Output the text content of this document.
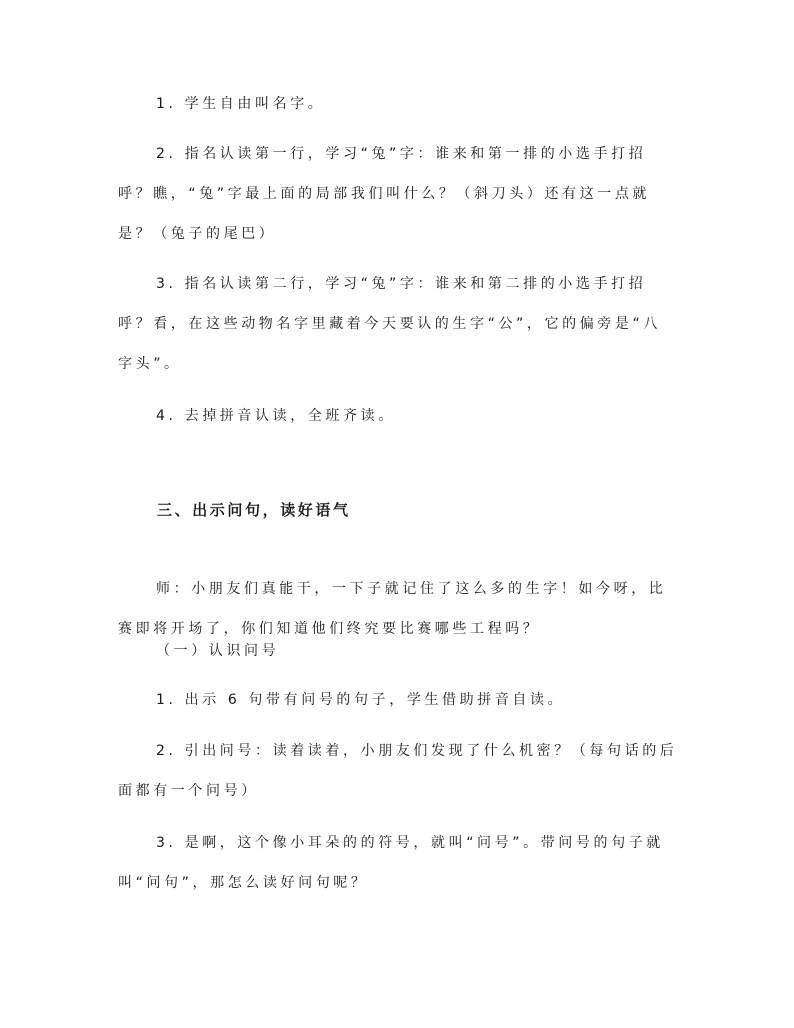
1. 学生自由叫名字。
2. 指名认读第一行，学习“兔”字：谁来和第一排的小选手打招
呼？瞧，“兔”字最上面的局部我们叫什么？（斜刀头）还有这一点就
是？（兔子的尾巴）
3. 指名认读第二行，学习“兔”字：谁来和第二排的小选手打招
呼？看，在这些动物名字里藏着今天要认的生字“公”，它的偏旁是“八
字头”。
4. 去掉拼音认读，全班齐读。
三、出示问句，读好语气
师：小朋友们真能干，一下子就记住了这么多的生字！如今呀，比
赛即将开场了，你们知道他们终究要比赛哪些工程吗？
（一）认识问号
1. 出示 6 句带有问号的句子，学生借助拼音自读。
2. 引出问号：读着读着，小朋友们发现了什么机密？（每句话的后
面都有一个问号）
3. 是啊，这个像小耳朵的的符号，就叫“问号”。带问号的句子就
叫“问句”，那怎么读好问句呢？
